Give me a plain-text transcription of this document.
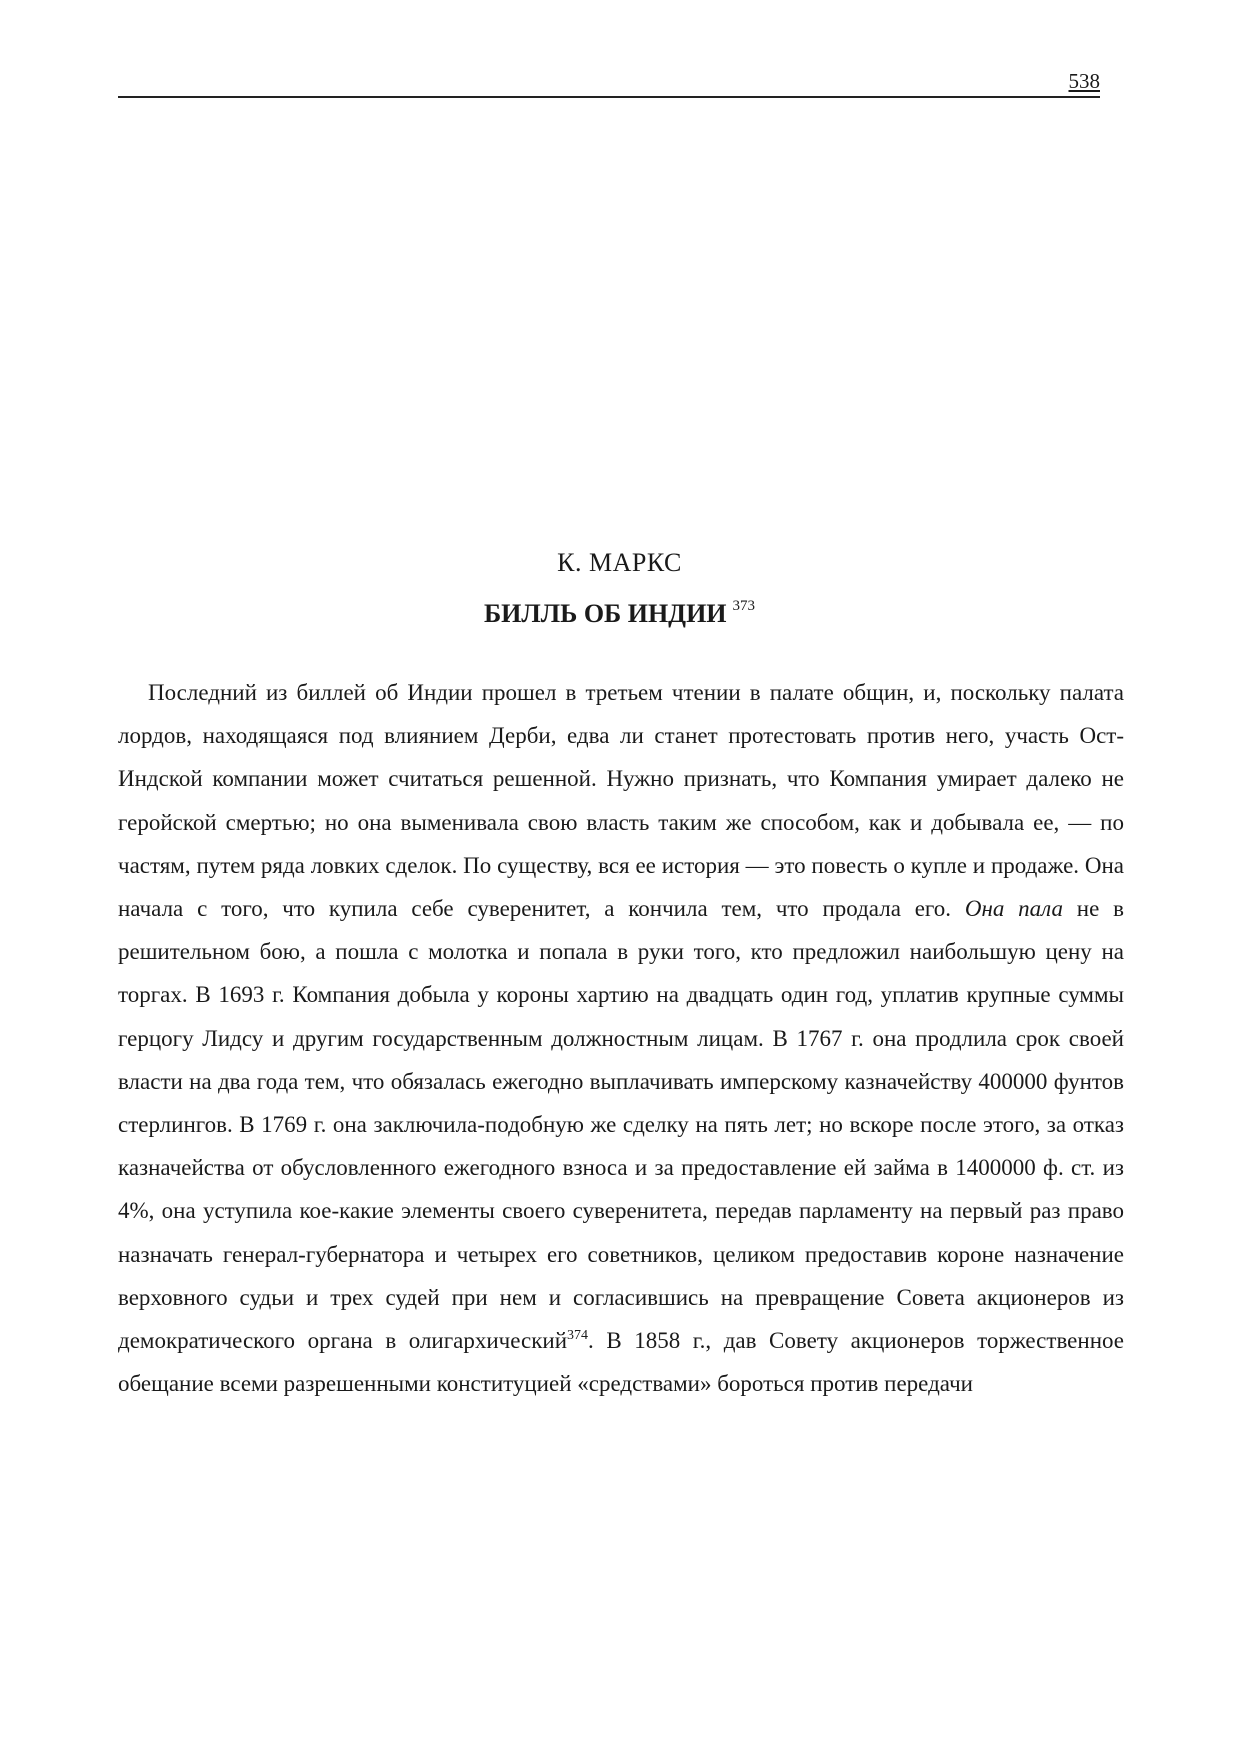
538
К. МАРКС
БИЛЛЬ ОБ ИНДИИ $^{373}$

Последний из биллей об Индии прошел в третьем чтении в палате общин, и, поскольку палата лордов, находящаяся под влиянием Дерби, едва ли станет протестовать против него, участь Ост-Индской компании может считаться решенной. Нужно признать, что Компания умирает далеко не геройской смертью; но она выменивала свою власть таким же способом, как и добывала ее, — по частям, путем ряда ловких сделок. По существу, вся ее история — это повесть о купле и продаже. Она начала с того, что купила себе суверенитет, а кончила тем, что продала его. Она пала не в решительном бою, а пошла с молотка и попала в руки того, кто предложил наибольшую цену на торгах. В 1693 г. Компания добыла у короны хартию на двадцать один год, уплатив крупные суммы герцогу Лидсу и другим государственным должностным лицам. В 1767 г. она продлила срок своей власти на два года тем, что обязалась ежегодно выплачивать имперскому казначейству 400000 фунтов стерлингов. В 1769 г. она заключила-подобную же сделку на пять лет; но вскоре после этого, за отказ казначейства от обусловленного ежегодного взноса и за предоставление ей займа в 1400000 ф. ст. из 4%, она уступила кое-какие элементы своего суверенитета, передав парламенту на первый раз право назначать генерал-губернатора и четырех его советников, целиком предоставив короне назначение верховного судьи и трех судей при нем и согласившись на превращение Совета акционеров из демократического органа в олигархический$^{374}$. В 1858 г., дав Совету акционеров торжественное обещание всеми разрешенными конституцией «средствами» бороться против передачи
